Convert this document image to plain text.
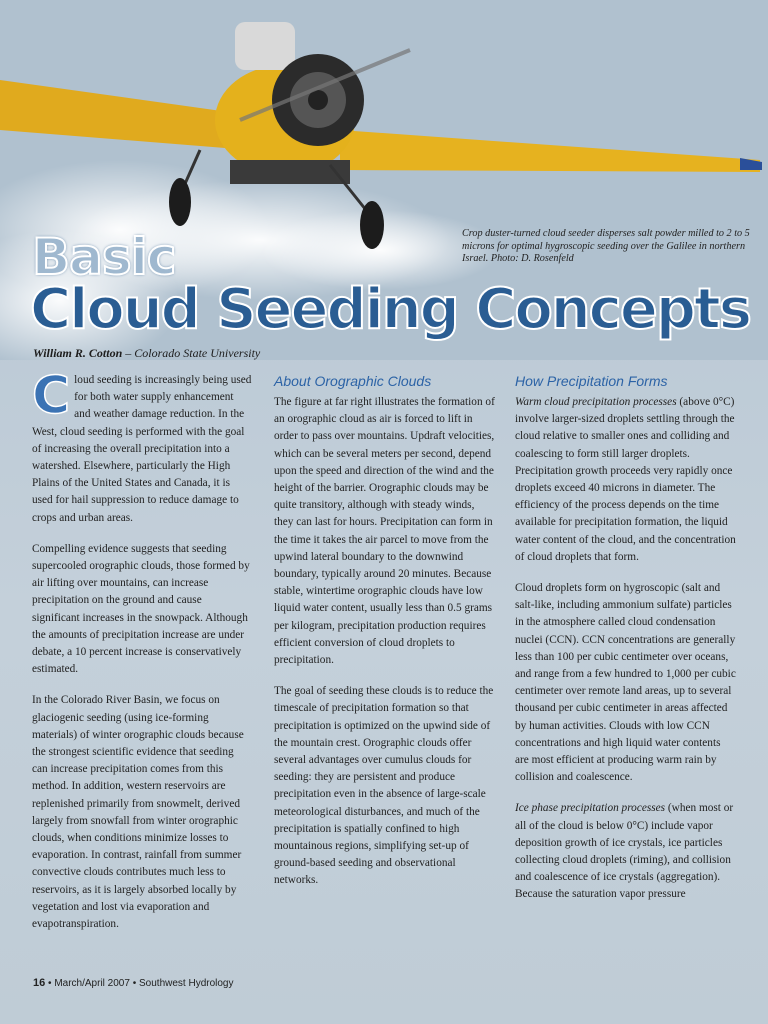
Crop duster-turned cloud seeder disperses salt powder milled to 2 to 5 microns for optimal hygroscopic seeding over the Galilee in northern Israel. Photo: D. Rosenfeld
Basic
Cloud Seeding Concepts
William R. Cotton – Colorado State University

Cloud seeding is increasingly being used for both water supply enhancement and weather damage reduction. In the West, cloud seeding is performed with the goal of increasing the overall precipitation into a watershed. Elsewhere, particularly the High Plains of the United States and Canada, it is used for hail suppression to reduce damage to crops and urban areas.

Compelling evidence suggests that seeding supercooled orographic clouds, those formed by air lifting over mountains, can increase precipitation on the ground and cause significant increases in the snowpack. Although the amounts of precipitation increase are under debate, a 10 percent increase is conservatively estimated.

In the Colorado River Basin, we focus on glaciogenic seeding (using ice-forming materials) of winter orographic clouds because the strongest scientific evidence that seeding can increase precipitation comes from this method. In addition, western reservoirs are replenished primarily from snowmelt, derived largely from snowfall from winter orographic clouds, when conditions minimize losses to evaporation. In contrast, rainfall from summer convective clouds contributes much less to reservoirs, as it is largely absorbed locally by vegetation and lost via evaporation and evapotranspiration.

About Orographic Clouds

The figure at far right illustrates the formation of an orographic cloud as air is forced to lift in order to pass over mountains. Updraft velocities, which can be several meters per second, depend upon the speed and direction of the wind and the height of the barrier. Orographic clouds may be quite transitory, although with steady winds, they can last for hours. Precipitation can form in the time it takes the air parcel to move from the upwind lateral boundary to the downwind boundary, typically around 20 minutes. Because stable, wintertime orographic clouds have low liquid water content, usually less than 0.5 grams per kilogram, precipitation production requires efficient conversion of cloud droplets to precipitation.

The goal of seeding these clouds is to reduce the timescale of precipitation formation so that precipitation is optimized on the upwind side of the mountain crest. Orographic clouds offer several advantages over cumulus clouds for seeding: they are persistent and produce precipitation even in the absence of large-scale meteorological disturbances, and much of the precipitation is spatially confined to high mountainous regions, simplifying set-up of ground-based seeding and observational networks.

How Precipitation Forms

Warm cloud precipitation processes (above 0°C) involve larger-sized droplets settling through the cloud relative to smaller ones and colliding and coalescing to form still larger droplets. Precipitation growth proceeds very rapidly once droplets exceed 40 microns in diameter. The efficiency of the process depends on the time available for precipitation formation, the liquid water content of the cloud, and the concentration of cloud droplets that form.

Cloud droplets form on hygroscopic (salt and salt-like, including ammonium sulfate) particles in the atmosphere called cloud condensation nuclei (CCN). CCN concentrations are generally less than 100 per cubic centimeter over oceans, and range from a few hundred to 1,000 per cubic centimeter over remote land areas, up to several thousand per cubic centimeter in areas affected by human activities. Clouds with low CCN concentrations and high liquid water contents are most efficient at producing warm rain by collision and coalescence.

Ice phase precipitation processes (when most or all of the cloud is below 0°C) include vapor deposition growth of ice crystals, ice particles collecting cloud droplets (riming), and collision and coalescence of ice crystals (aggregation). Because the saturation vapor pressure

16 • March/April 2007 • Southwest Hydrology
